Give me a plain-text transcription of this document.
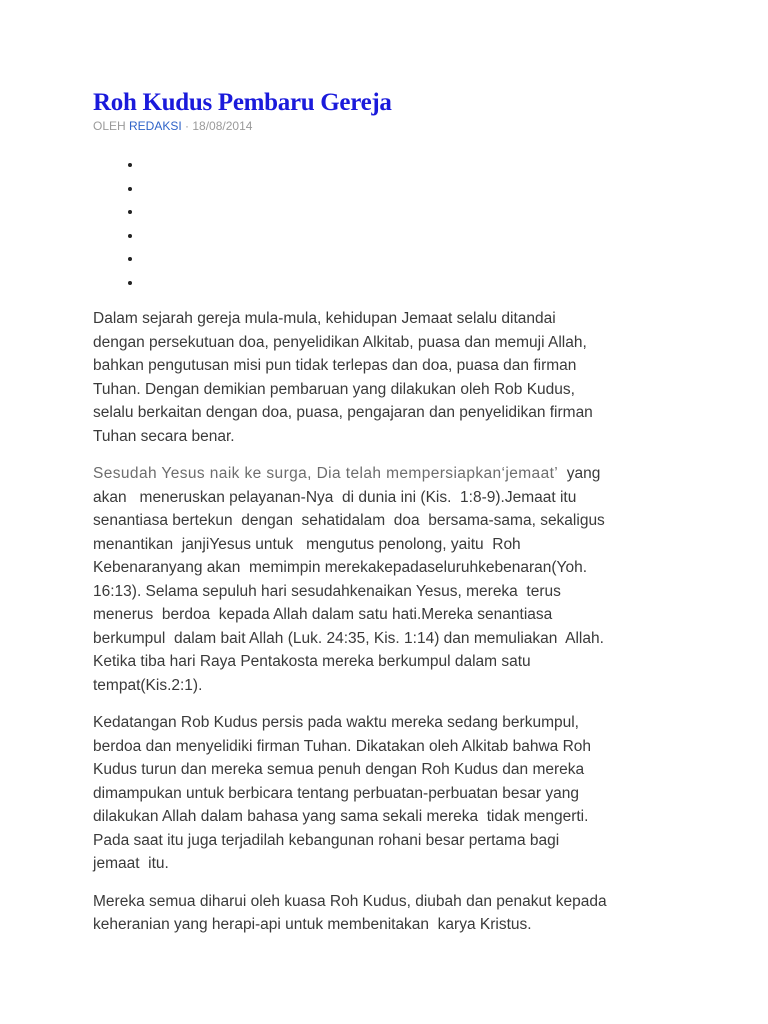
Roh Kudus Pembaru Gereja
OLEH REDAKSI · 18/08/2014
•
•
•
•
•
•

Dalam sejarah gereja mula-mula, kehidupan Jemaat selalu ditandai
dengan persekutuan doa, penyelidikan Alkitab, puasa dan memuji Allah,
bahkan pengutusan misi pun tidak terlepas dan doa, puasa dan firman
Tuhan. Dengan demikian pembaruan yang dilakukan oleh Rob Kudus,
selalu berkaitan dengan doa, puasa, pengajaran dan penyelidikan firman
Tuhan secara benar.

Sesudah Yesus naik ke surga, Dia telah mempersiapkan‘jemaat’  yang
akan   meneruskan pelayanan-Nya  di dunia ini (Kis.  1:8-9).Jemaat itu
senantiasa bertekun  dengan  sehatidalam  doa  bersama-sama, sekaligus
menantikan  janjiYesus untuk   mengutus penolong, yaitu  Roh
Kebenaranyang akan  memimpin merekakepadaseluruhkebenaran(Yoh.
16:13). Selama sepuluh hari sesudahkenaikan Yesus, mereka  terus
menerus  berdoa  kepada Allah dalam satu hati.Mereka senantiasa
berkumpul  dalam bait Allah (Luk. 24:35, Kis. 1:14) dan memuliakan  Allah.
Ketika tiba hari Raya Pentakosta mereka berkumpul dalam satu
tempat(Kis.2:1).

Kedatangan Rob Kudus persis pada waktu mereka sedang berkumpul,
berdoa dan menyelidiki firman Tuhan. Dikatakan oleh Alkitab bahwa Roh
Kudus turun dan mereka semua penuh dengan Roh Kudus dan mereka
dimampukan untuk berbicara tentang perbuatan-perbuatan besar yang
dilakukan Allah dalam bahasa yang sama sekali mereka  tidak mengerti.
Pada saat itu juga terjadilah kebangunan rohani besar pertama bagi
jemaat  itu.

Mereka semua diharui oleh kuasa Roh Kudus, diubah dan penakut kepada
keheranian yang herapi-api untuk membenitakan  karya Kristus.
